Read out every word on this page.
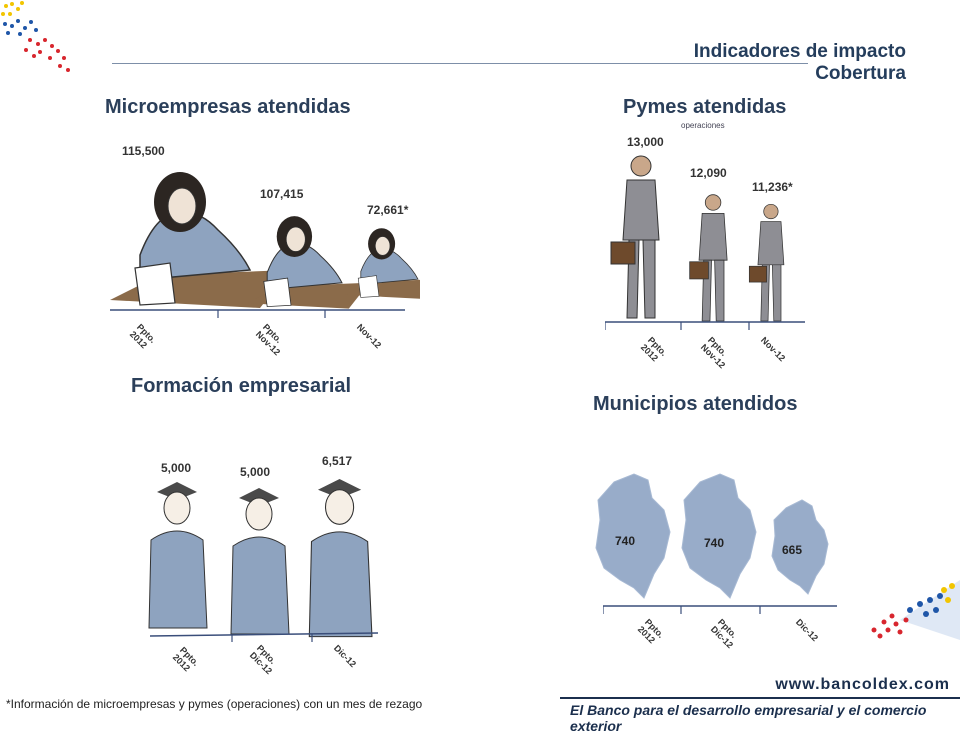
Indicadores de impacto
Cobertura
Microempresas atendidas
115,500
107,415
72,661*
Ppto.
2012	Ppto.
Nov-12	Nov-12
Pymes atendidas
operaciones
13,000
12,090
11,236*
Ppto.
2012	Ppto.
Nov-12	Nov-12
Formación empresarial
5,000	5,000
6,517
Ppto.
2012	Ppto.
Dic-12	Dic-12
Municipios atendidos
740	740	665
Ppto.
2012	Ppto.
Dic-12	Dic-12
www.bancoldex.com
*Información de microempresas y pymes (operaciones) con un mes de rezago	El Banco para el desarrollo empresarial y el comercio exterior
